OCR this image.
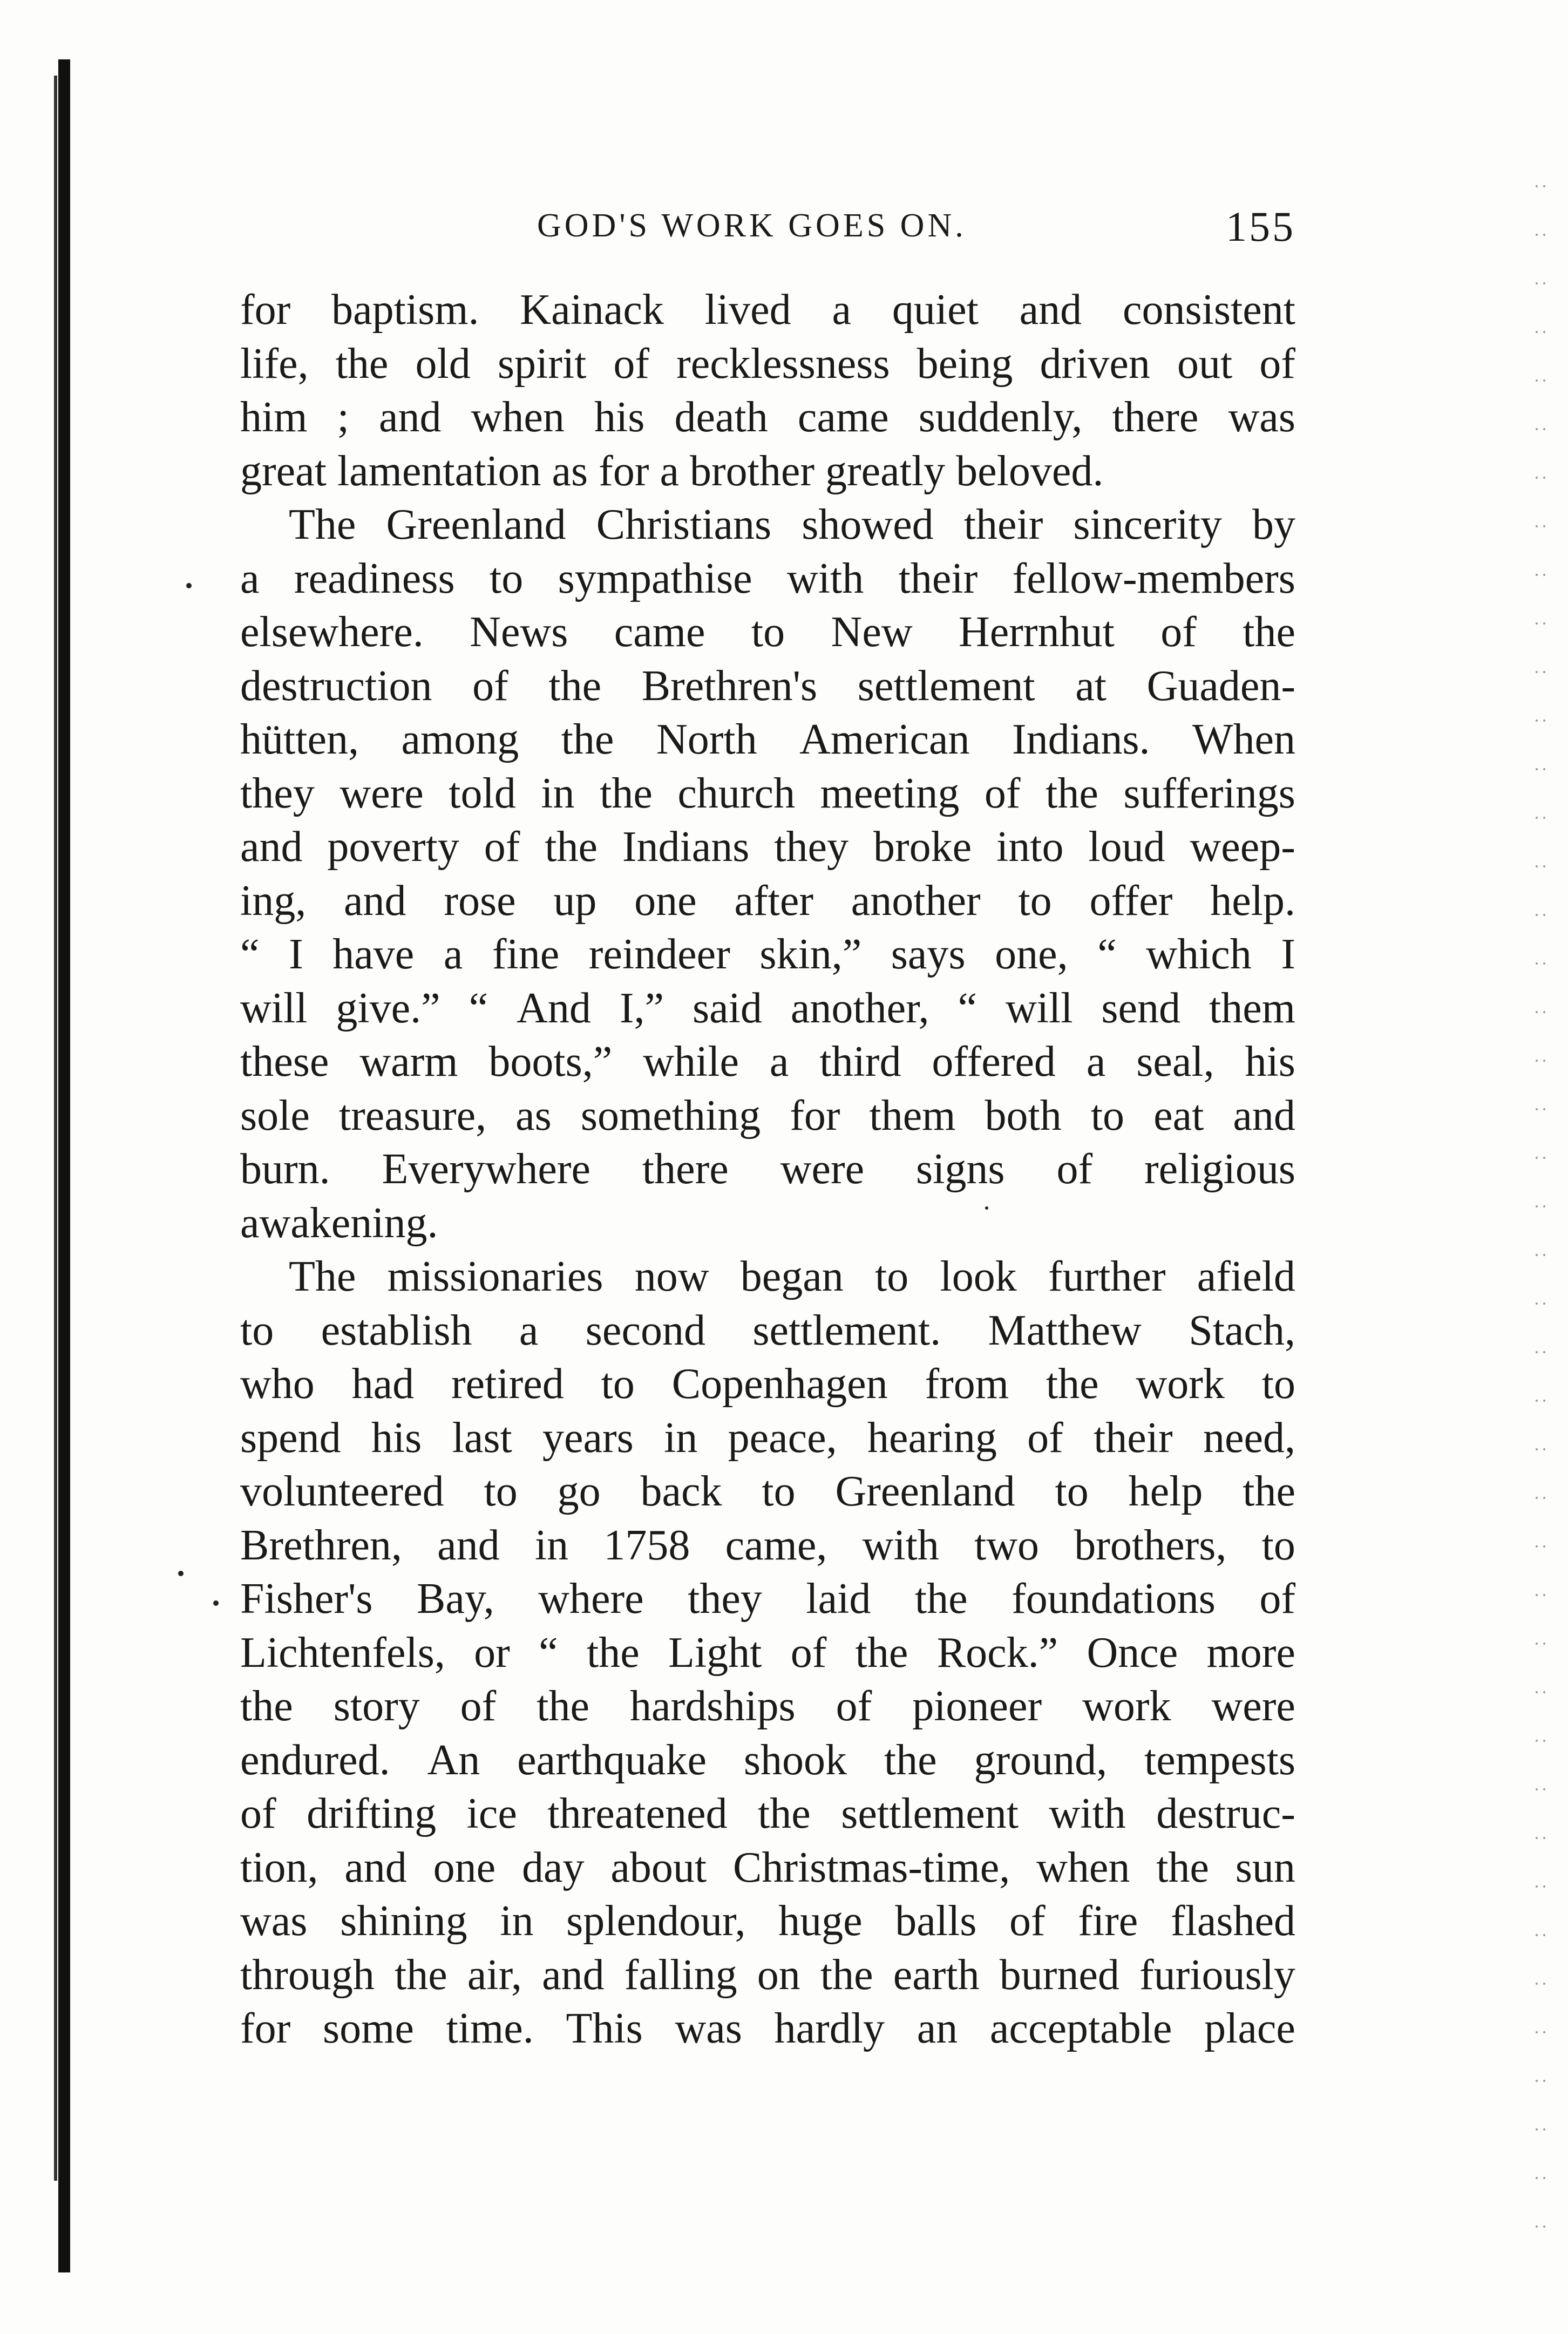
GOD'S WORK GOES ON.	155
for baptism. Kainack lived a quiet and consistent
life, the old spirit of recklessness being driven out of
him ; and when his death came suddenly, there was
great lamentation as for a brother greatly beloved.
The Greenland Christians showed their sincerity by
a readiness to sympathise with their fellow-members
elsewhere. News came to New Herrnhut of the
destruction of the Brethren's settlement at Guaden-
hütten, among the North American Indians. When
they were told in the church meeting of the sufferings
and poverty of the Indians they broke into loud weep-
ing, and rose up one after another to offer help.
“ I have a fine reindeer skin,” says one, “ which I
will give.” “ And I,” said another, “ will send them
these warm boots,” while a third offered a seal, his
sole treasure, as something for them both to eat and
burn. Everywhere there were signs of religious
awakening.
The missionaries now began to look further afield
to establish a second settlement. Matthew Stach,
who had retired to Copenhagen from the work to
spend his last years in peace, hearing of their need,
volunteered to go back to Greenland to help the
Brethren, and in 1758 came, with two brothers, to
Fisher's Bay, where they laid the foundations of
Lichtenfels, or “ the Light of the Rock.” Once more
the story of the hardships of pioneer work were
endured. An earthquake shook the ground, tempests
of drifting ice threatened the settlement with destruc-
tion, and one day about Christmas-time, when the sun
was shining in splendour, huge balls of fire flashed
through the air, and falling on the earth burned furiously
for some time. This was hardly an acceptable place
